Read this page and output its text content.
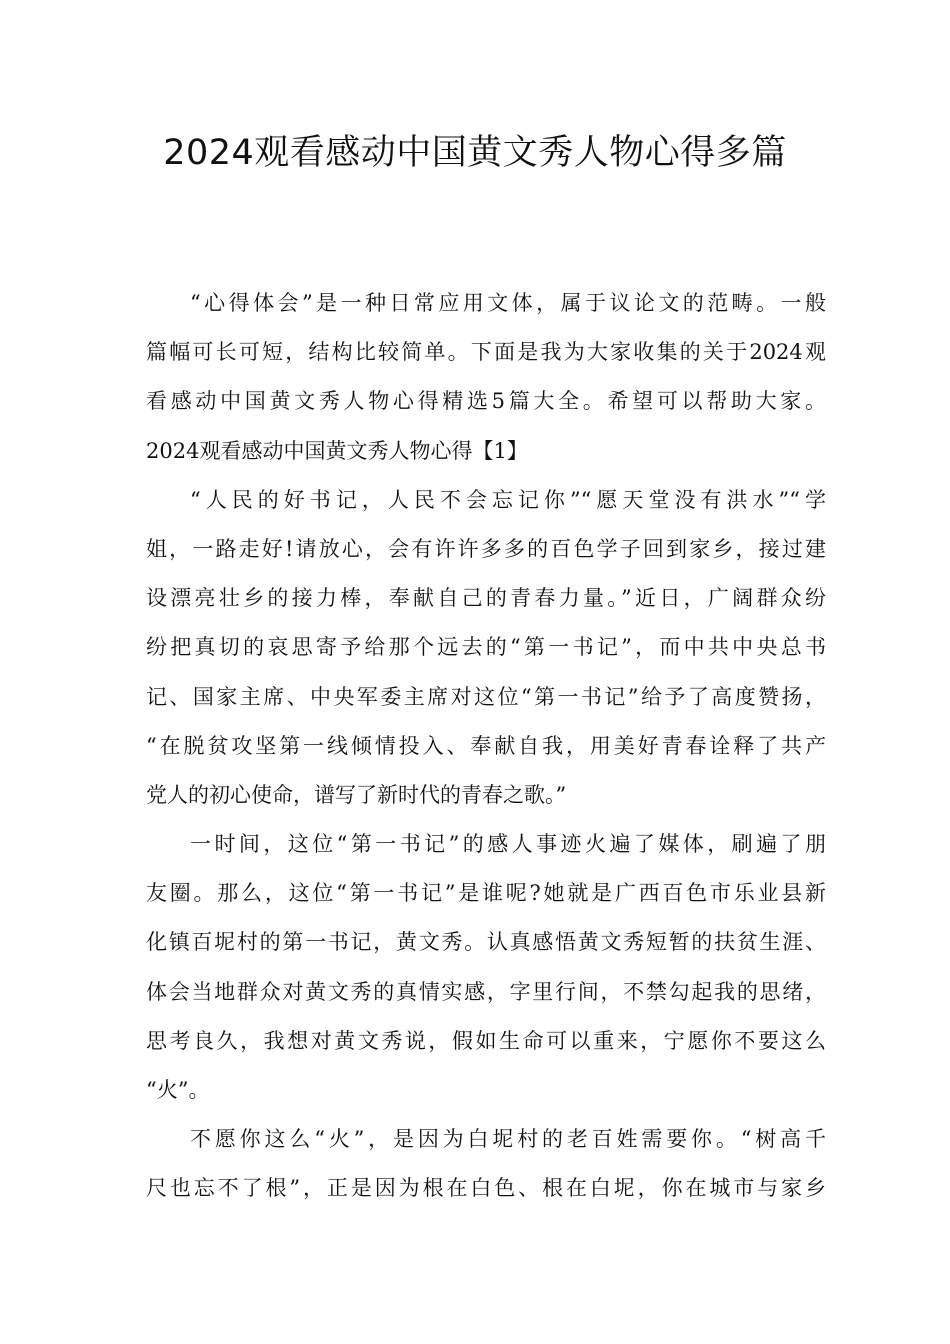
2024观看感动中国黄文秀人物心得多篇
“心得体会”是一种日常应用文体，属于议论文的范畴。一般
篇幅可长可短，结构比较简单。下面是我为大家收集的关于2024观
看感动中国黄文秀人物心得精选5篇大全。希望可以帮助大家。
2024观看感动中国黄文秀人物心得【1】
“人民的好书记，人民不会忘记你”“愿天堂没有洪水”“学
姐，一路走好!请放心，会有许许多多的百色学子回到家乡，接过建
设漂亮壮乡的接力棒，奉献自己的青春力量。”近日，广阔群众纷
纷把真切的哀思寄予给那个远去的“第一书记”，而中共中央总书
记、国家主席、中央军委主席对这位“第一书记”给予了高度赞扬，
“在脱贫攻坚第一线倾情投入、奉献自我，用美好青春诠释了共产
党人的初心使命，谱写了新时代的青春之歌。”
一时间，这位“第一书记”的感人事迹火遍了媒体，刷遍了朋
友圈。那么，这位“第一书记”是谁呢?她就是广西百色市乐业县新
化镇百坭村的第一书记，黄文秀。认真感悟黄文秀短暂的扶贫生涯、
体会当地群众对黄文秀的真情实感，字里行间，不禁勾起我的思绪，
思考良久，我想对黄文秀说，假如生命可以重来，宁愿你不要这么
“火”。
不愿你这么“火”，是因为白坭村的老百姓需要你。“树高千
尺也忘不了根”，正是因为根在白色、根在白坭，你在城市与家乡
